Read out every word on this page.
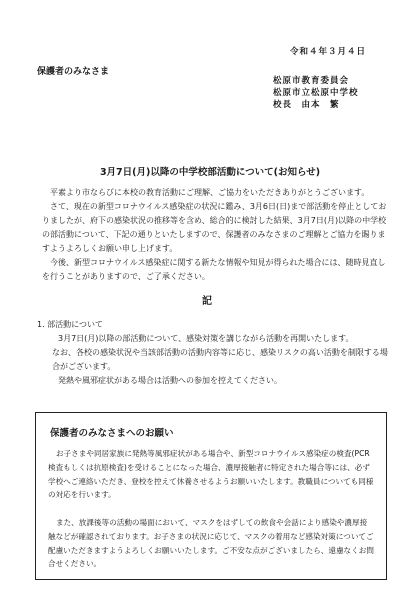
令和４年３月４日
保護者のみなさま
松原市教育委員会
松原市立松原中学校
校長　由本　繁
3月7日(月)以降の中学校部活動について(お知らせ)
平素より市ならびに本校の教育活動にご理解、ご協力をいただきありがとうございます。
さて、現在の新型コロナウイルス感染症の状況に鑑み、3月6日(日)まで部活動を停止としておりましたが、府下の感染状況の推移等を含め、総合的に検討した結果、3月7日(月)以降の中学校の部活動について、下記の通りといたしますので、保護者のみなさまのご理解とご協力を賜りますようよろしくお願い申し上げます。
今後、新型コロナウイルス感染症に関する新たな情報や知見が得られた場合には、随時見直しを行うことがありますので、ご了承ください。
記
1. 部活動について
3月7日(月)以降の部活動について、感染対策を講じながら活動を再開いたします。
なお、各校の感染状況や当該部活動の活動内容等に応じ、感染リスクの高い活動を制限する場合がございます。
発熱や風邪症状がある場合は活動への参加を控えてください。
保護者のみなさまへのお願い
お子さまや同居家族に発熱等風邪症状がある場合や、新型コロナウイルス感染症の検査(PCR検査もしくは抗原検査)を受けることになった場合、濃厚接触者に特定された場合等には、必ず学校へご連絡いただき、登校を控えて休養させるようお願いいたします。教職員についても同様の対応を行います。
また、放課後等の活動の場面において、マスクをはずしての飲食や会話により感染や濃厚接触などが確認されております。お子さまの状況に応じて、マスクの着用など感染対策についてご配慮いただきますようよろしくお願いいたします。ご不安な点がございましたら、遠慮なくお問合せください。
